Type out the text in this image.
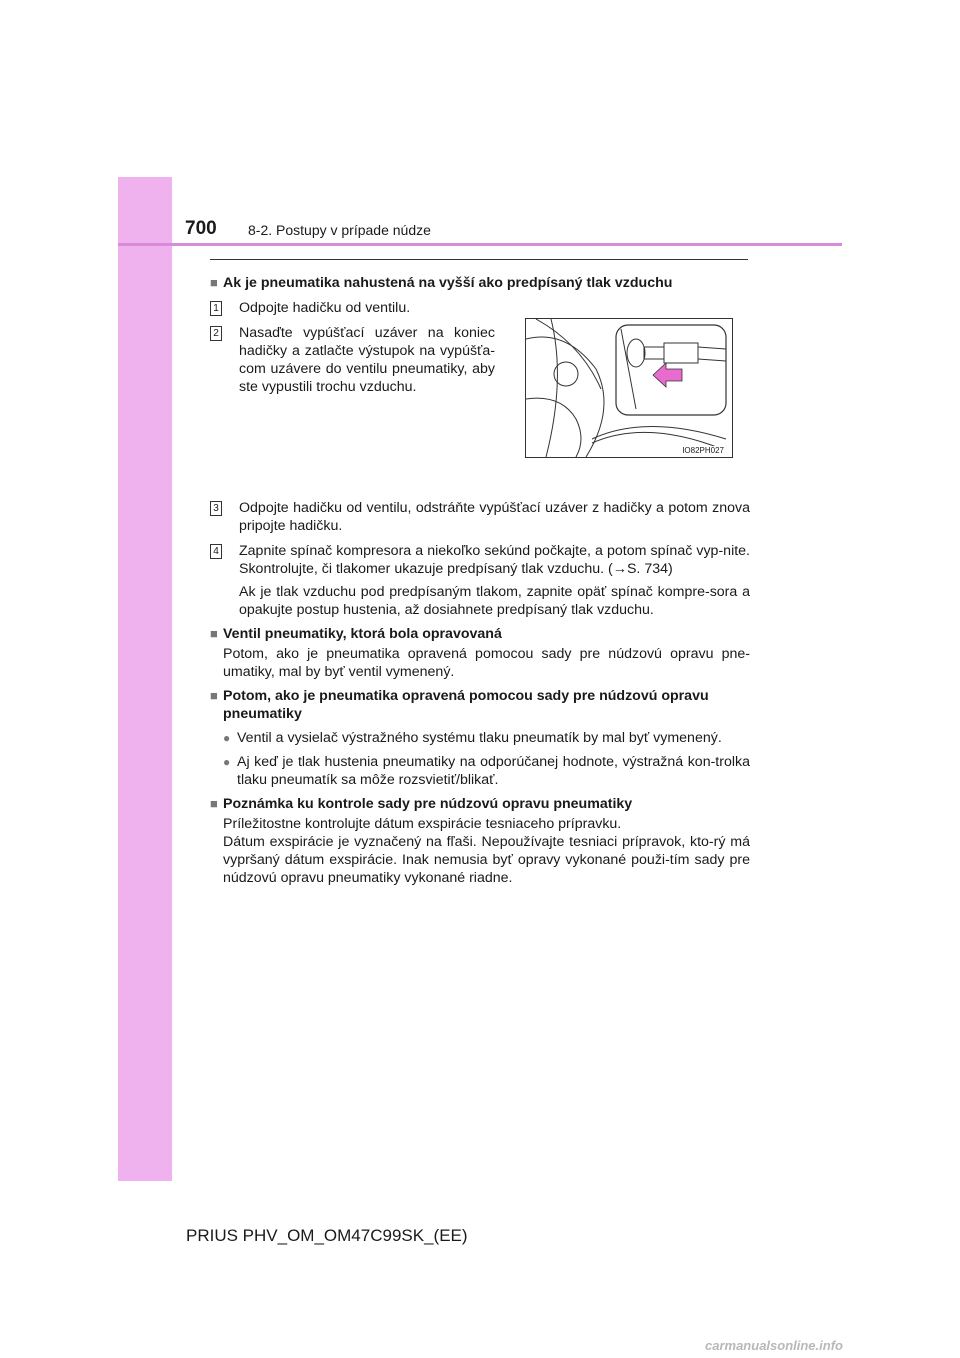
700 8-2. Postupy v prípade núdze
■ Ak je pneumatika nahustená na vyšší ako predpísaný tlak vzduchu
1 Odpojte hadičku od ventilu.
2 Nasaďte vypúšťací uzáver na koniec hadičky a zatlačte výstupok na vypúšťa-com uzávere do ventilu pneumatiky, aby ste vypustili trochu vzduchu.
3 Odpojte hadičku od ventilu, odstráňte vypúšťací uzáver z hadičky a potom znova pripojte hadičku.
4 Zapnite spínač kompresora a niekoľko sekúnd počkajte, a potom spínač vyp-nite. Skontrolujte, či tlakomer ukazuje predpísaný tlak vzduchu. (→S. 734)
Ak je tlak vzduchu pod predpísaným tlakom, zapnite opäť spínač kompre-sora a opakujte postup hustenia, až dosiahnete predpísaný tlak vzduchu.
■ Ventil pneumatiky, ktorá bola opravovaná
Potom, ako je pneumatika opravená pomocou sady pre núdzovú opravu pne-umatiky, mal by byť ventil vymenený.
■ Potom, ako je pneumatika opravená pomocou sady pre núdzovú opravu pneumatiky
● Ventil a vysielač výstražného systému tlaku pneumatík by mal byť vymenený.
● Aj keď je tlak hustenia pneumatiky na odporúčanej hodnote, výstražná kon-trolka tlaku pneumatík sa môže rozsvietiť/blikať.
■ Poznámka ku kontrole sady pre núdzovú opravu pneumatiky
Príležitostne kontrolujte dátum exspirácie tesniaceho prípravku.
Dátum exspirácie je vyznačený na fľaši. Nepoužívajte tesniaci prípravok, kto-rý má vypršaný dátum exspirácie. Inak nemusia byť opravy vykonané použi-tím sady pre núdzovú opravu pneumatiky vykonané riadne.
IO82PH027
PRIUS PHV_OM_OM47C99SK_(EE)
carmanualsonline.info
